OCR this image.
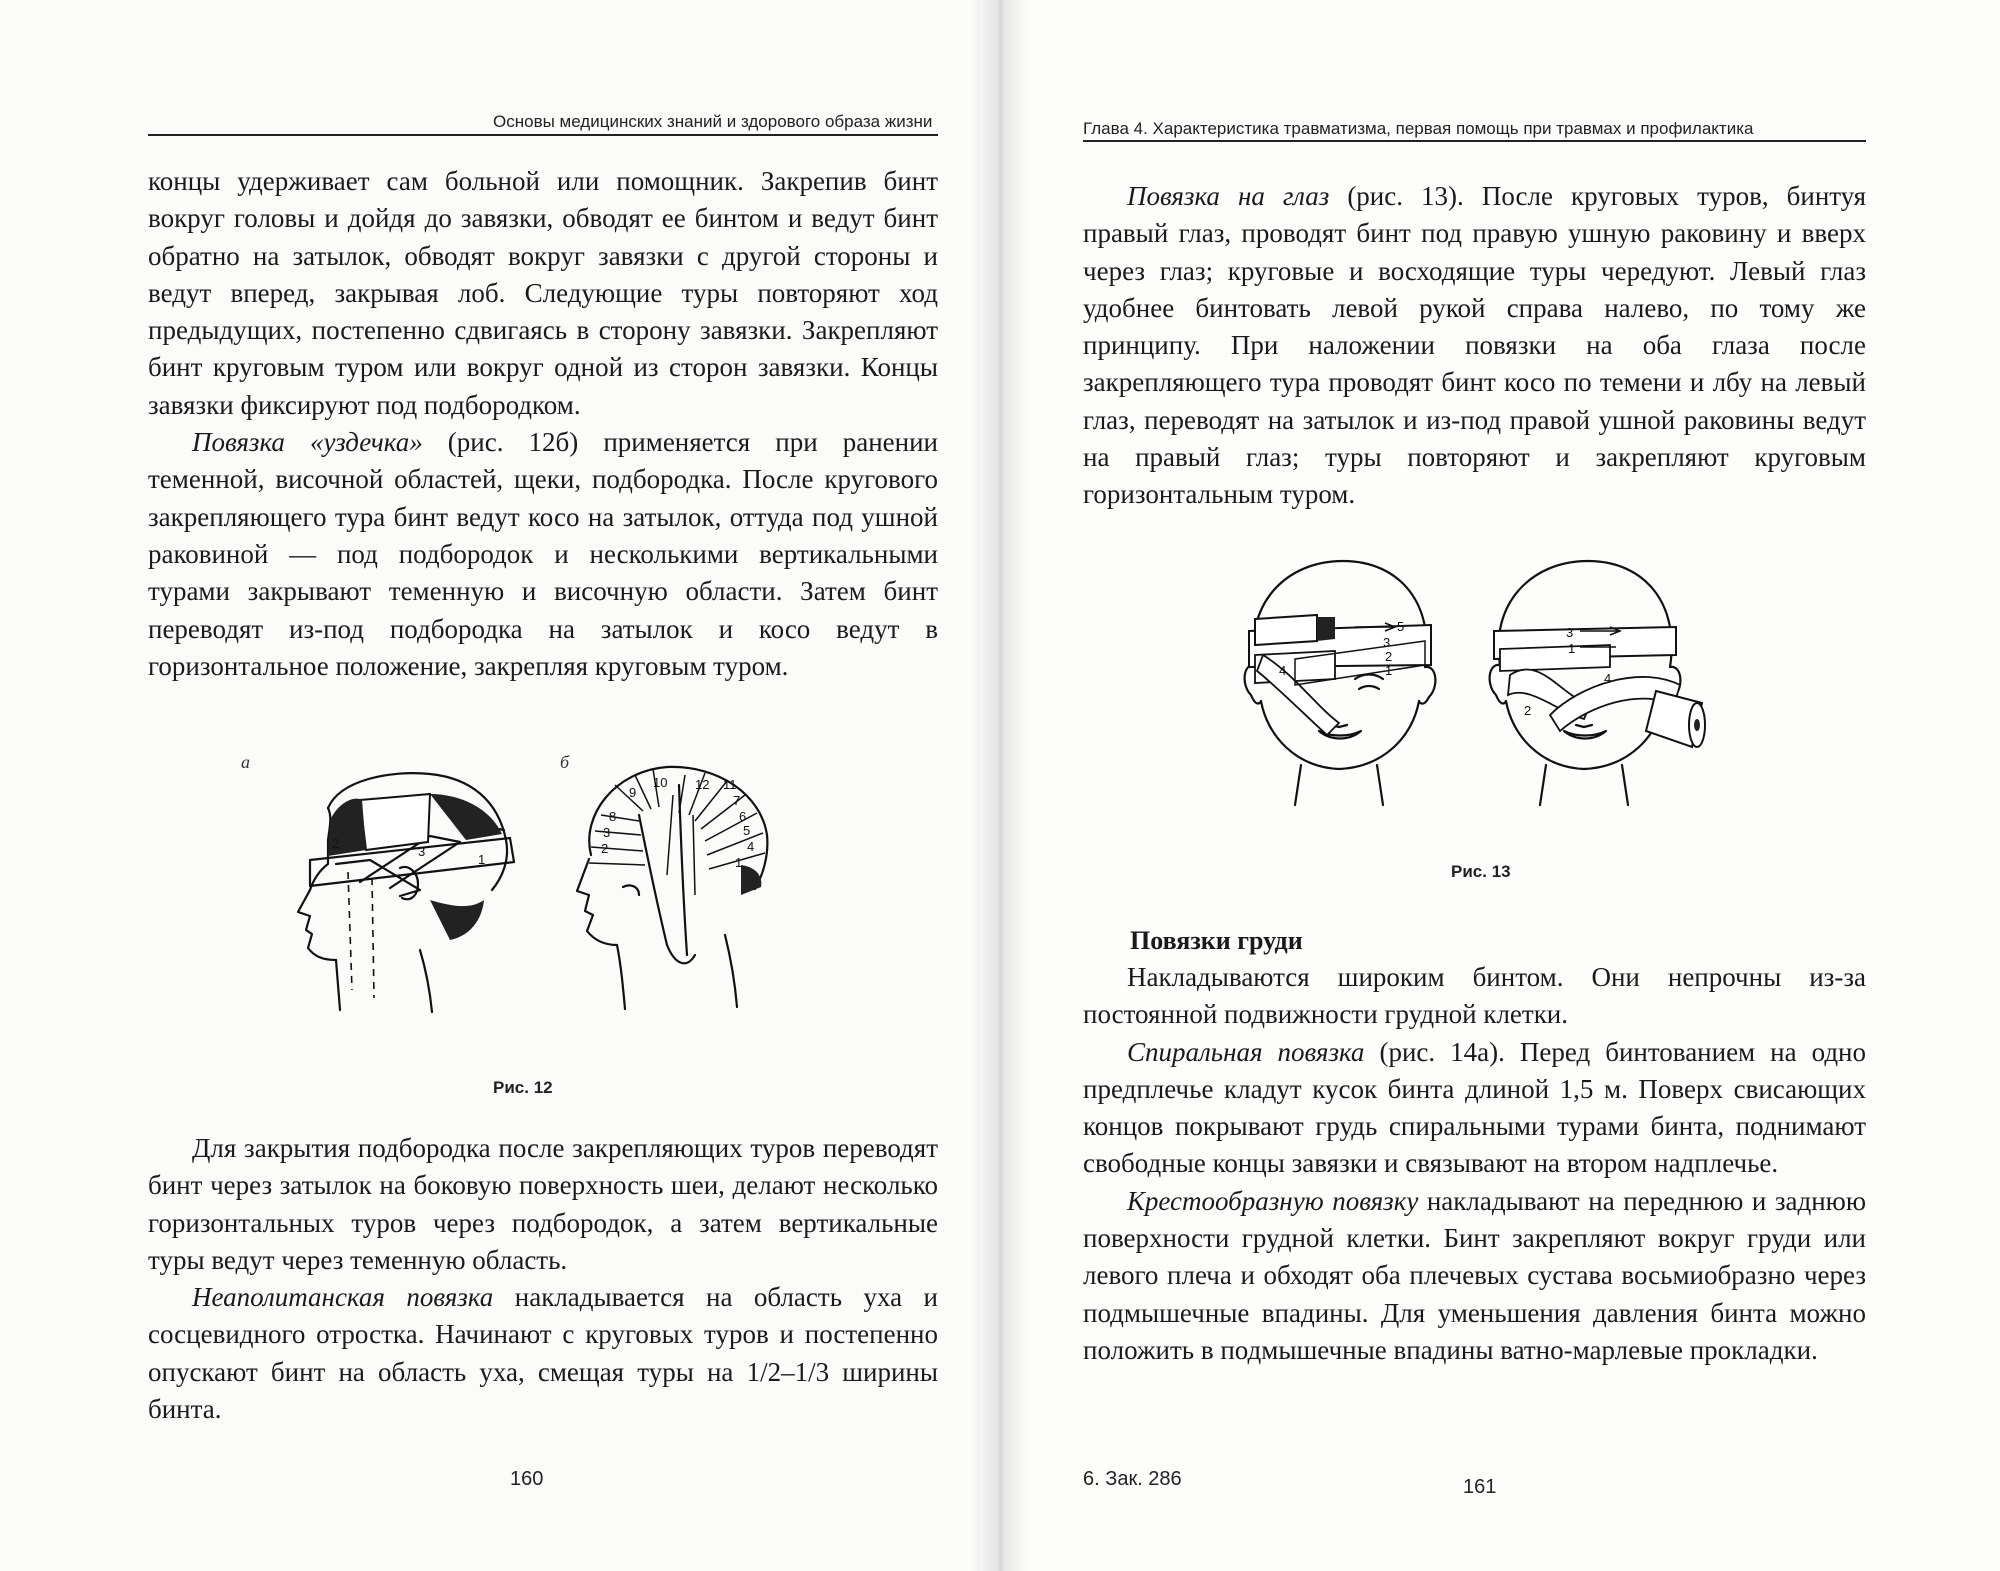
Основы медицинских знаний и здорового образа жизни

концы удерживает сам больной или помощник. Закрепив бинт вокруг головы и дойдя до завязки, обводят ее бинтом и ведут бинт обратно на затылок, обводят вокруг завязки с другой стороны и ведут вперед, закрывая лоб. Следующие туры повторяют ход предыдущих, постепенно сдвигаясь в сторону завязки. Закрепляют бинт круговым туром или вокруг одной из сторон завязки. Концы завязки фиксируют под подбородком.

Повязка «уздечка» (рис. 12б) применяется при ранении теменной, височной областей, щеки, подбородка. После кругового закрепляющего тура бинт ведут косо на затылок, оттуда под ушной раковиной — под подбородок и несколькими вертикальными турами закрывают теменную и височную области. Затем бинт переводят из-под подбородка на затылок и косо ведут в горизонтальное положение, закрепляя круговым туром.

а	б
2
3
1
8
9
10 12 11
7
6
5
4
3
2
1
Рис. 12

Для закрытия подбородка после закрепляющих туров переводят бинт через затылок на боковую поверхность шеи, делают несколько горизонтальных туров через подбородок, а затем вертикальные туры ведут через теменную область.

Неаполитанская повязка накладывается на область уха и сосцевидного отростка. Начинают с круговых туров и постепенно опускают бинт на область уха, смещая туры на 1/2–1/3 ширины бинта.

160
Глава 4. Характеристика травматизма, первая помощь при травмах и профилактика

Повязка на глаз (рис. 13). После круговых туров, бинтуя правый глаз, проводят бинт под правую ушную раковину и вверх через глаз; круговые и восходящие туры чередуют. Левый глаз удобнее бинтовать левой рукой справа налево, по тому же принципу. При наложении повязки на оба глаза после закрепляющего тура проводят бинт косо по темени и лбу на левый глаз, переводят на затылок и из-под правой ушной раковины ведут на правый глаз; туры повторяют и закрепляют круговым горизонтальным туром.

5
3
2
1
4
3
1
4
2
Рис. 13
Повязки груди

Накладываются широким бинтом. Они непрочны из-за постоянной подвижности грудной клетки.

Спиральная повязка (рис. 14а). Перед бинтованием на одно предплечье кладут кусок бинта длиной 1,5 м. Поверх свисающих концов покрывают грудь спиральными турами бинта, поднимают свободные концы завязки и связывают на втором надплечье.

Крестообразную повязку накладывают на переднюю и заднюю поверхности грудной клетки. Бинт закрепляют вокруг груди или левого плеча и обходят оба плечевых сустава восьмиобразно через подмышечные впадины. Для уменьшения давления бинта можно положить в подмышечные впадины ватно-марлевые прокладки.

6. Зак. 286	161
